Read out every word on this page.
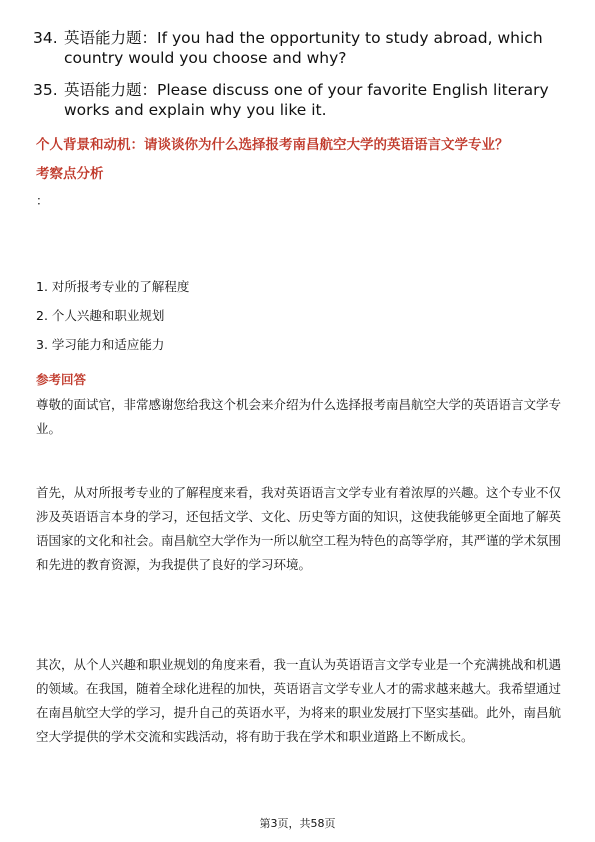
34. 英语能力题：If you had the opportunity to study abroad, which country would you choose and why?
35. 英语能力题：Please discuss one of your favorite English literary works and explain why you like it.
个人背景和动机：请谈谈你为什么选择报考南昌航空大学的英语语言文学专业？
考察点分析
：
1. 对所报考专业的了解程度
2. 个人兴趣和职业规划
3. 学习能力和适应能力
参考回答
尊敬的面试官，非常感谢您给我这个机会来介绍为什么选择报考南昌航空大学的英语语言文学专业。
首先，从对所报考专业的了解程度来看，我对英语语言文学专业有着浓厚的兴趣。这个专业不仅涉及英语语言本身的学习，还包括文学、文化、历史等方面的知识，这使我能够更全面地了解英语国家的文化和社会。南昌航空大学作为一所以航空工程为特色的高等学府，其严谨的学术氛围和先进的教育资源，为我提供了良好的学习环境。
其次，从个人兴趣和职业规划的角度来看，我一直认为英语语言文学专业是一个充满挑战和机遇的领域。在我国，随着全球化进程的加快，英语语言文学专业人才的需求越来越大。我希望通过在南昌航空大学的学习，提升自己的英语水平，为将来的职业发展打下坚实基础。此外，南昌航空大学提供的学术交流和实践活动，将有助于我在学术和职业道路上不断成长。
第3页，共58页
